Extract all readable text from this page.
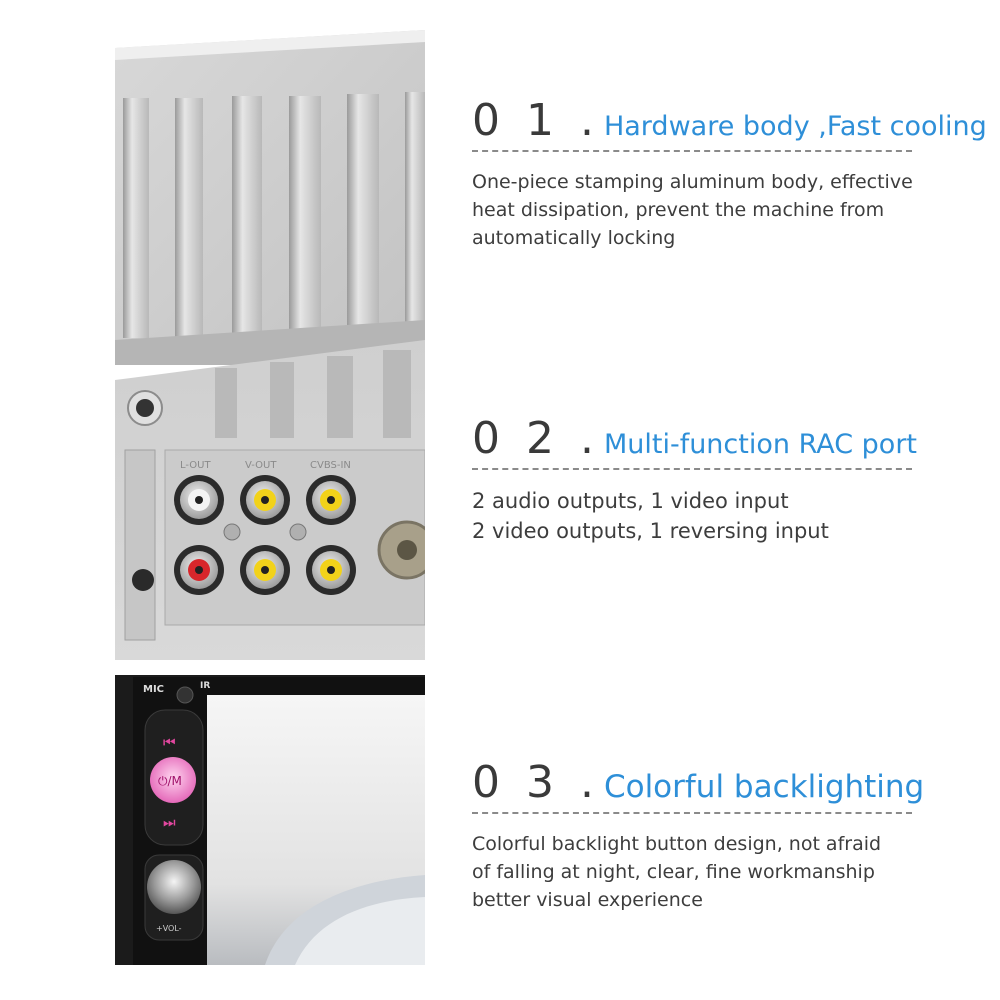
L-OUT	V-OUT	CVBS-IN
MIC	IR
⏮
⏻/M
⏭
+VOL-
0 1 . Hardware body ,Fast cooling
One-piece stamping aluminum body, effective
heat dissipation, prevent the machine from
automatically locking
0 2 . Multi-function RAC port
2 audio outputs, 1 video input
2 video outputs, 1 reversing input
0 3 . Colorful backlighting
Colorful backlight button design, not afraid
of falling at night, clear, fine workmanship
better visual experience
